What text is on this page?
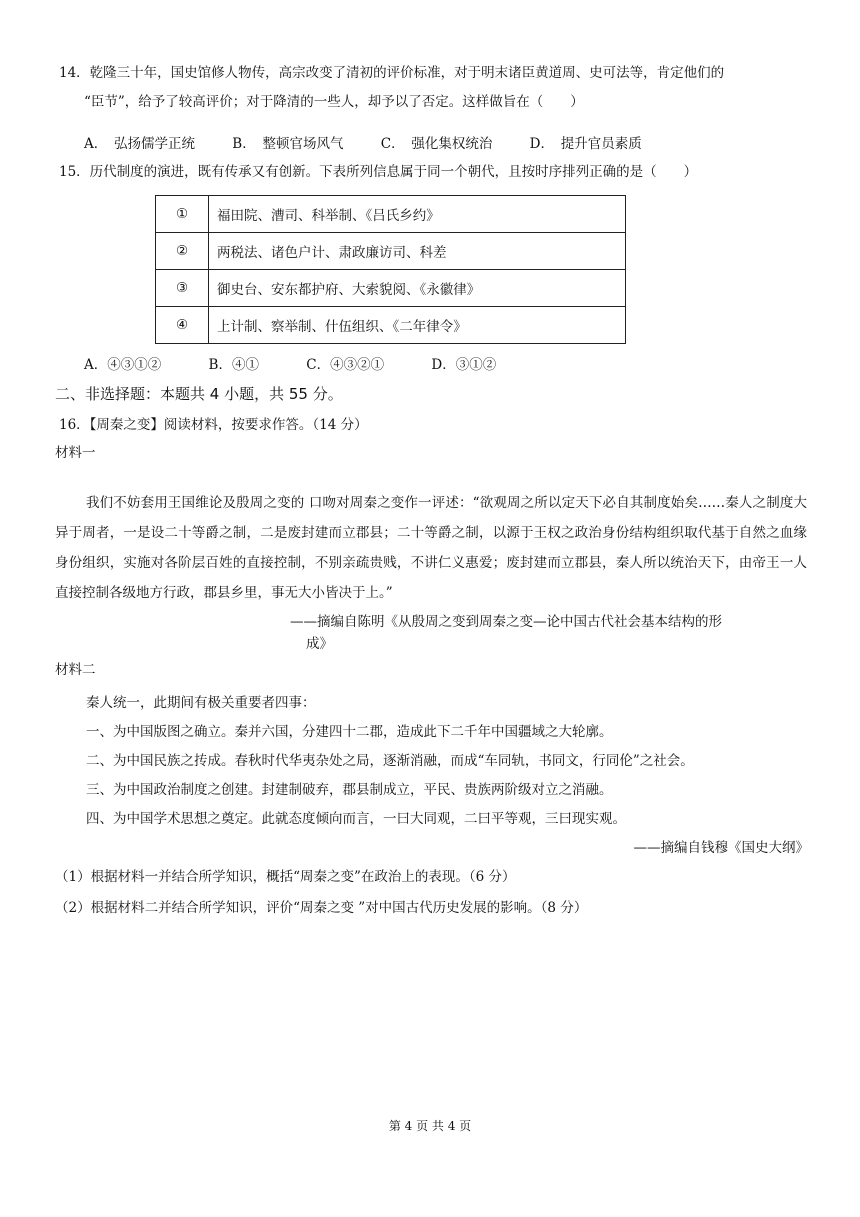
14．乾隆三十年，国史馆修人物传，高宗改变了清初的评价标准，对于明末诸臣黄道周、史可法等，肯定他们的
“臣节”，给予了较高评价；对于降清的一些人，却予以了否定。这样做旨在（　　）
A．　弘扬儒学正统	B．　整顿官场风气	C．　强化集权统治	D．　提升官员素质
15．历代制度的演进，既有传承又有创新。下表所列信息属于同一个朝代，且按时序排列正确的是（　　）
①	福田院、漕司、科举制、《吕氏乡约》
②	两税法、诸色户计、肃政廉访司、科差
③	御史台、安东都护府、大索貌阅、《永徽律》
④	上计制、察举制、什伍组织、《二年律令》
A．④③①②	B．④①	C．④③②①	D．③①②
二、非选择题：本题共 4 小题，共 55 分。
16．【周秦之变】阅读材料，按要求作答。（14 分）
材料一
我们不妨套用王国维论及殷周之变的 口吻对周秦之变作一评述：“欲观周之所以定天下必自其制度始矣……秦人之制度大异于周者，一是设二十等爵之制，二是废封建而立郡县；二十等爵之制，以源于王权之政治身份结构组织取代基于自然之血缘身份组织，实施对各阶层百姓的直接控制，不别亲疏贵贱，不讲仁义惠爱；废封建而立郡县，秦人所以统治天下，由帝王一人直接控制各级地方行政，郡县乡里，事无大小皆决于上。”
——摘编自陈明《从殷周之变到周秦之变—论中国古代社会基本结构的形
成》
材料二
秦人统一，此期间有极关重要者四事：
一、为中国版图之确立。秦并六国，分建四十二郡，造成此下二千年中国疆域之大轮廓。
二、为中国民族之抟成。春秋时代华夷杂处之局，逐渐消融，而成“车同轨，书同文，行同伦”之社会。
三、为中国政治制度之创建。封建制破弃，郡县制成立，平民、贵族两阶级对立之消融。
四、为中国学术思想之奠定。此就态度倾向而言，一曰大同观，二曰平等观，三曰现实观。
——摘编自钱穆《国史大纲》
（1）根据材料一并结合所学知识，概括“周秦之变”在政治上的表现。（6 分）
（2）根据材料二并结合所学知识，评价“周秦之变 ”对中国古代历史发展的影响。（8 分）
第 4 页 共 4 页
